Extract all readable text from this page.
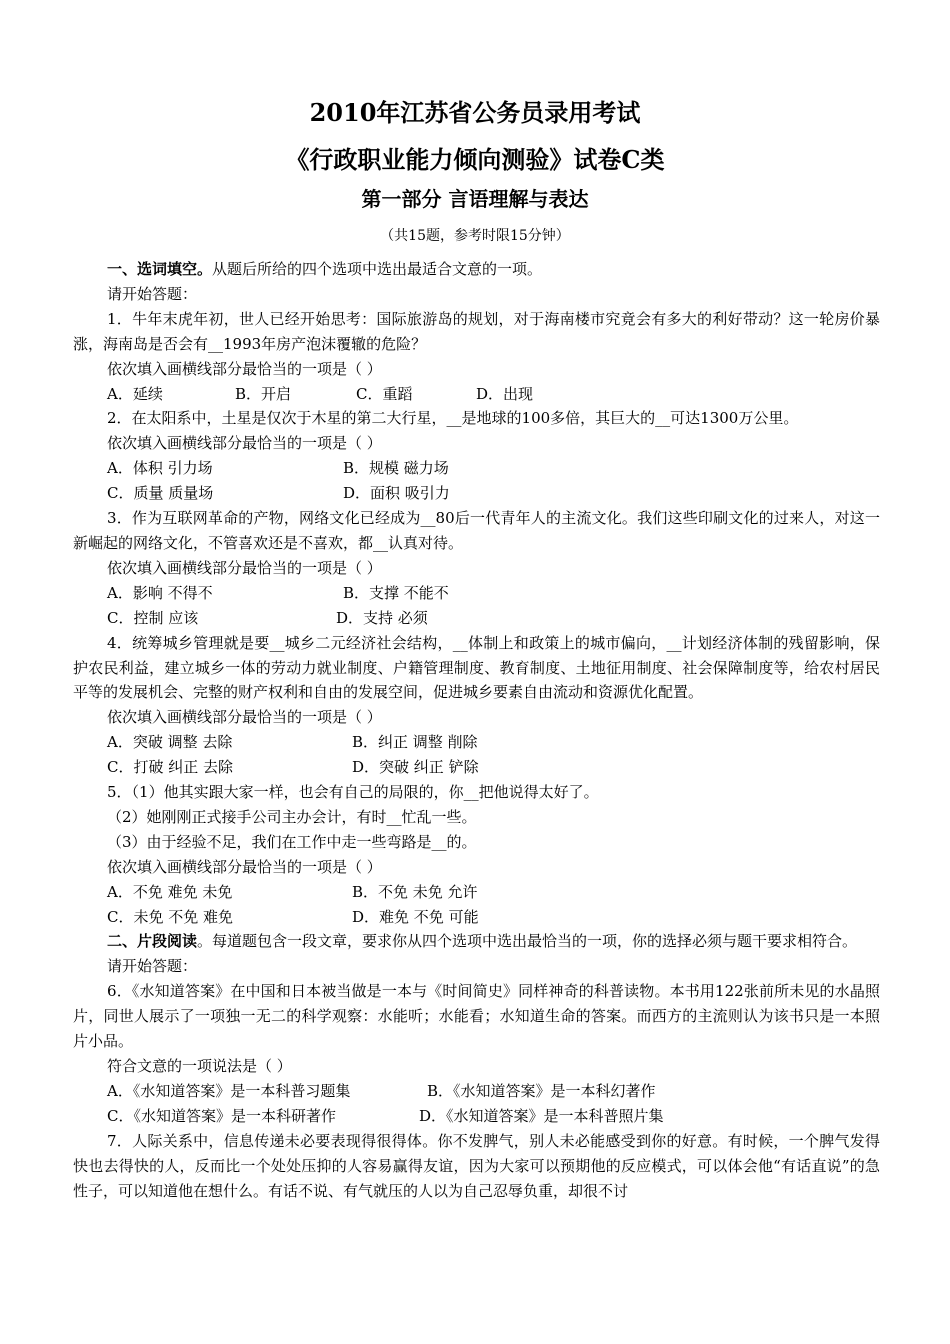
2010年江苏省公务员录用考试
《行政职业能力倾向测验》试卷C类
第一部分 言语理解与表达
（共15题，参考时限15分钟）

一、选词填空。从题后所给的四个选项中选出最适合文意的一项。

请开始答题：

1．牛年末虎年初，世人已经开始思考：国际旅游岛的规划，对于海南楼市究竟会有多大的利好带动？这一轮房价暴涨，海南岛是否会有__1993年房产泡沫覆辙的危险？

依次填入画横线部分最恰当的一项是（ ）

A．延续	B．开启	C．重蹈	D．出现

2．在太阳系中，土星是仅次于木星的第二大行星，__是地球的100多倍，其巨大的__可达1300万公里。

依次填入画横线部分最恰当的一项是（ ）

A．体积 引力场	B．规模 磁力场

C．质量 质量场	D．面积 吸引力

3．作为互联网革命的产物，网络文化已经成为__80后一代青年人的主流文化。我们这些印刷文化的过来人，对这一新崛起的网络文化，不管喜欢还是不喜欢，都__认真对待。

依次填入画横线部分最恰当的一项是（ ）

A．影响 不得不	B．支撑 不能不

C．控制 应该	D．支持 必须

4．统筹城乡管理就是要__城乡二元经济社会结构，__体制上和政策上的城市偏向，__计划经济体制的残留影响，保护农民利益，建立城乡一体的劳动力就业制度、户籍管理制度、教育制度、土地征用制度、社会保障制度等，给农村居民平等的发展机会、完整的财产权利和自由的发展空间，促进城乡要素自由流动和资源优化配置。

依次填入画横线部分最恰当的一项是（ ）

A．突破 调整 去除	B．纠正 调整 削除

C．打破 纠正 去除	D．突破 纠正 铲除

5．（1）他其实跟大家一样，也会有自己的局限的，你__把他说得太好了。

（2）她刚刚正式接手公司主办会计，有时__忙乱一些。

（3）由于经验不足，我们在工作中走一些弯路是__的。

依次填入画横线部分最恰当的一项是（ ）

A．不免 难免 未免	B．不免 未免 允许

C．未免 不免 难免	D．难免 不免 可能

二、片段阅读。每道题包含一段文章，要求你从四个选项中选出最恰当的一项，你的选择必须与题干要求相符合。

请开始答题：

6．《水知道答案》在中国和日本被当做是一本与《时间简史》同样神奇的科普读物。本书用122张前所未见的水晶照片，同世人展示了一项独一无二的科学观察：水能听；水能看；水知道生命的答案。而西方的主流则认为该书只是一本照片小品。

符合文意的一项说法是（ ）

A．《水知道答案》是一本科普习题集	B．《水知道答案》是一本科幻著作

C．《水知道答案》是一本科研著作	D．《水知道答案》是一本科普照片集

7．人际关系中，信息传递未必要表现得很得体。你不发脾气，别人未必能感受到你的好意。有时候，一个脾气发得快也去得快的人，反而比一个处处压抑的人容易赢得友谊，因为大家可以预期他的反应模式，可以体会他“有话直说”的急性子，可以知道他在想什么。有话不说、有气就压的人以为自己忍辱负重，却很不讨
